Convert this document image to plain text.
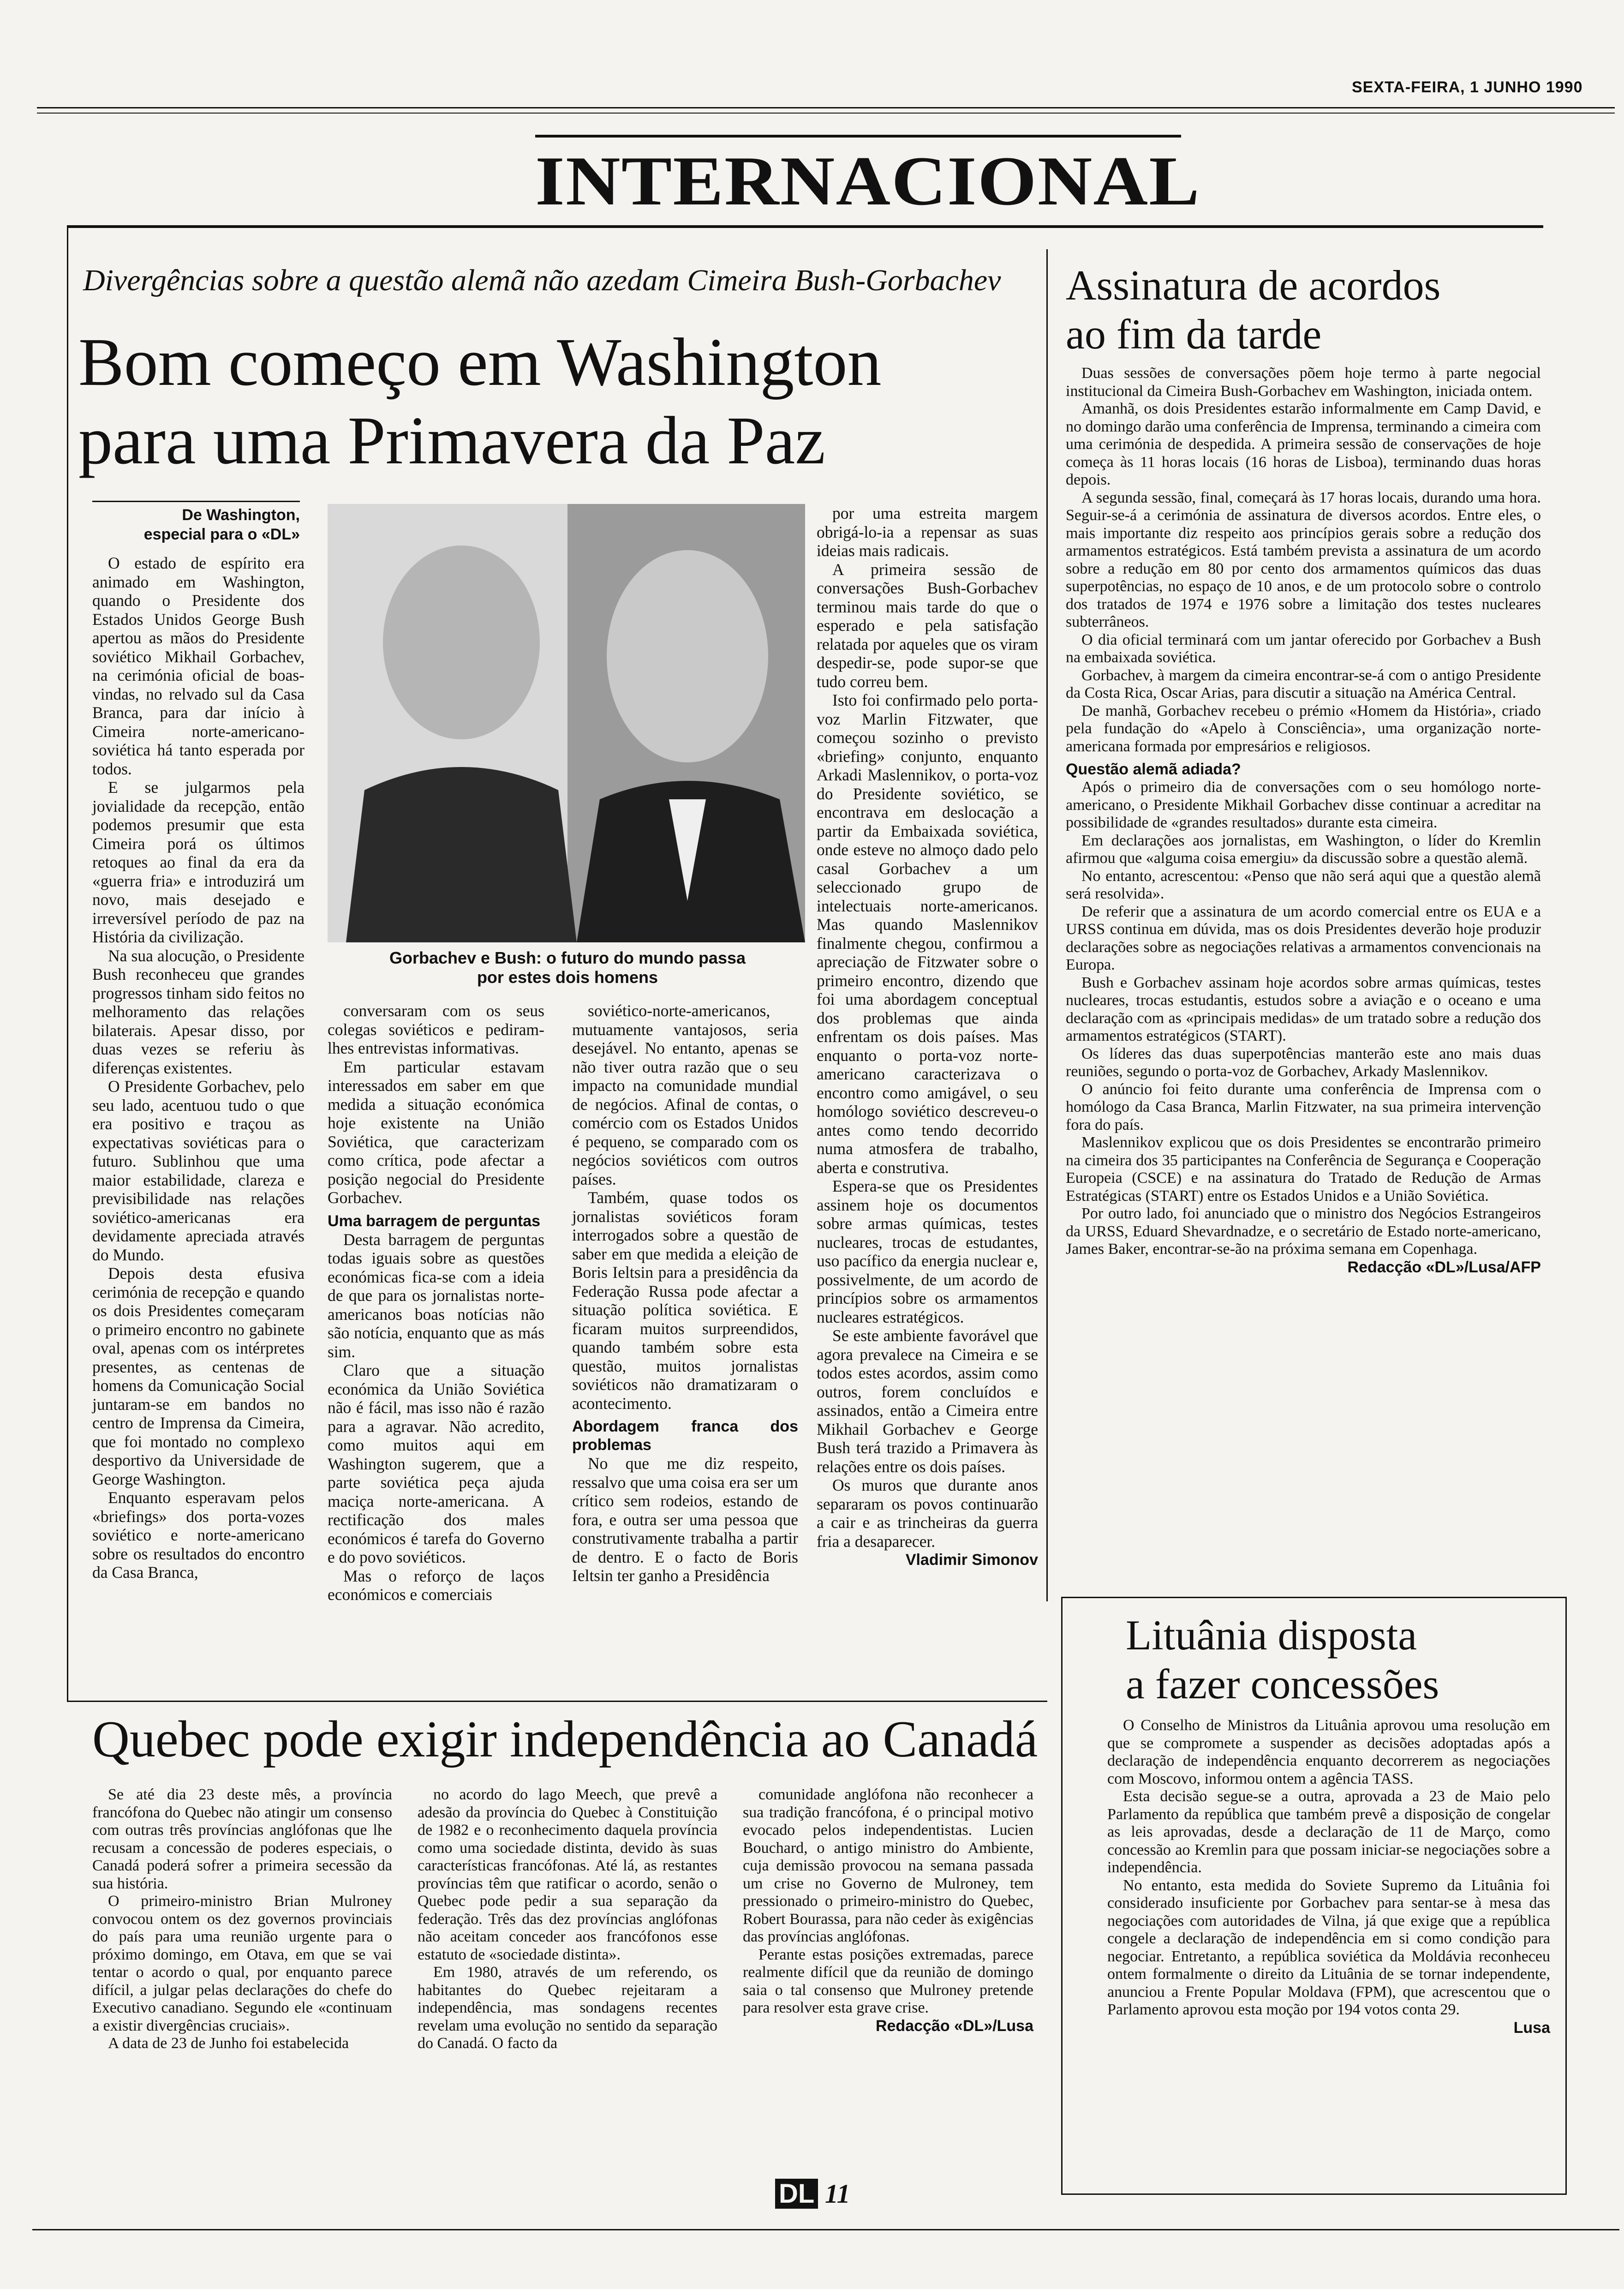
SEXTA-FEIRA, 1 JUNHO 1990
INTERNACIONAL
Divergências sobre a questão alemã não azedam Cimeira Bush-Gorbachev
Bom começo em Washington
para uma Primavera da Paz
De Washington,
especial para o «DL»
Gorbachev e Bush: o futuro do mundo passa
por estes dois homens

O estado de espírito era animado em Washington, quando o Presidente dos Estados Unidos George Bush apertou as mãos do Presidente soviético Mikhail Gorbachev, na cerimónia oficial de boas-vindas, no relvado sul da Casa Branca, para dar início à Cimeira norte-americano-soviética há tanto esperada por todos.

E se julgarmos pela jovialidade da recepção, então podemos presumir que esta Cimeira porá os últimos retoques ao final da era da «guerra fria» e introduzirá um novo, mais desejado e irreversível período de paz na História da civilização.

Na sua alocução, o Presidente Bush reconheceu que grandes progressos tinham sido feitos no melhoramento das relações bilaterais. Apesar disso, por duas vezes se referiu às diferenças existentes.

O Presidente Gorbachev, pelo seu lado, acentuou tudo o que era positivo e traçou as expectativas soviéticas para o futuro. Sublinhou que uma maior estabilidade, clareza e previsibilidade nas relações soviético-americanas era devidamente apreciada através do Mundo.

Depois desta efusiva cerimónia de recepção e quando os dois Presidentes começaram o primeiro encontro no gabinete oval, apenas com os intérpretes presentes, as centenas de homens da Comunicação Social juntaram-se em bandos no centro de Imprensa da Cimeira, que foi montado no complexo desportivo da Universidade de George Washington.

Enquanto esperavam pelos «briefings» dos porta-vozes soviético e norte-americano sobre os resultados do encontro da Casa Branca,

conversaram com os seus colegas soviéticos e pediram-lhes entrevistas informativas.

Em particular estavam interessados em saber em que medida a situação económica hoje existente na União Soviética, que caracterizam como crítica, pode afectar a posição negocial do Presidente Gorbachev.

Uma barragem de perguntas

Desta barragem de perguntas todas iguais sobre as questões económicas fica-se com a ideia de que para os jornalistas norte-americanos boas notícias não são notícia, enquanto que as más sim.

Claro que a situação económica da União Soviética não é fácil, mas isso não é razão para a agravar. Não acredito, como muitos aqui em Washington sugerem, que a parte soviética peça ajuda maciça norte-americana. A rectificação dos males económicos é tarefa do Governo e do povo soviéticos.

Mas o reforço de laços económicos e comerciais

soviético-norte-americanos, mutuamente vantajosos, seria desejável. No entanto, apenas se não tiver outra razão que o seu impacto na comunidade mundial de negócios. Afinal de contas, o comércio com os Estados Unidos é pequeno, se comparado com os negócios soviéticos com outros países.

Também, quase todos os jornalistas soviéticos foram interrogados sobre a questão de saber em que medida a eleição de Boris Ieltsin para a presidência da Federação Russa pode afectar a situação política soviética. E ficaram muitos surpreendidos, quando também sobre esta questão, muitos jornalistas soviéticos não dramatizaram o acontecimento.

Abordagem franca dos problemas

No que me diz respeito, ressalvo que uma coisa era ser um crítico sem rodeios, estando de fora, e outra ser uma pessoa que construtivamente trabalha a partir de dentro. E o facto de Boris Ieltsin ter ganho a Presidência

por uma estreita margem obrigá-lo-ia a repensar as suas ideias mais radicais.

A primeira sessão de conversações Bush-Gorbachev terminou mais tarde do que o esperado e pela satisfação relatada por aqueles que os viram despedir-se, pode supor-se que tudo correu bem.

Isto foi confirmado pelo porta-voz Marlin Fitzwater, que começou sozinho o previsto «briefing» conjunto, enquanto Arkadi Maslennikov, o porta-voz do Presidente soviético, se encontrava em deslocação a partir da Embaixada soviética, onde esteve no almoço dado pelo casal Gorbachev a um seleccionado grupo de intelectuais norte-americanos. Mas quando Maslennikov finalmente chegou, confirmou a apreciação de Fitzwater sobre o primeiro encontro, dizendo que foi uma abordagem conceptual dos problemas que ainda enfrentam os dois países. Mas enquanto o porta-voz norte-americano caracterizava o encontro como amigável, o seu homólogo soviético descreveu-o antes como tendo decorrido numa atmosfera de trabalho, aberta e construtiva.

Espera-se que os Presidentes assinem hoje os documentos sobre armas químicas, testes nucleares, trocas de estudantes, uso pacífico da energia nuclear e, possivelmente, de um acordo de princípios sobre os armamentos nucleares estratégicos.

Se este ambiente favorável que agora prevalece na Cimeira e se todos estes acordos, assim como outros, forem concluídos e assinados, então a Cimeira entre Mikhail Gorbachev e George Bush terá trazido a Primavera às relações entre os dois países.

Os muros que durante anos separaram os povos continuarão a cair e as trincheiras da guerra fria a desaparecer.

Vladimir Simonov
Assinatura de acordos
ao fim da tarde

Duas sessões de conversações põem hoje termo à parte negocial institucional da Cimeira Bush-Gorbachev em Washington, iniciada ontem.

Amanhã, os dois Presidentes estarão informalmente em Camp David, e no domingo darão uma conferência de Imprensa, terminando a cimeira com uma cerimónia de despedida. A primeira sessão de conservações de hoje começa às 11 horas locais (16 horas de Lisboa), terminando duas horas depois.

A segunda sessão, final, começará às 17 horas locais, durando uma hora. Seguir-se-á a cerimónia de assinatura de diversos acordos. Entre eles, o mais importante diz respeito aos princípios gerais sobre a redução dos armamentos estratégicos. Está também prevista a assinatura de um acordo sobre a redução em 80 por cento dos armamentos químicos das duas superpotências, no espaço de 10 anos, e de um protocolo sobre o controlo dos tratados de 1974 e 1976 sobre a limitação dos testes nucleares subterrâneos.

O dia oficial terminará com um jantar oferecido por Gorbachev a Bush na embaixada soviética.

Gorbachev, à margem da cimeira encontrar-se-á com o antigo Presidente da Costa Rica, Oscar Arias, para discutir a situação na América Central.

De manhã, Gorbachev recebeu o prémio «Homem da História», criado pela fundação do «Apelo à Consciência», uma organização norte-americana formada por empresários e religiosos.

Questão alemã adiada?

Após o primeiro dia de conversações com o seu homólogo norte-americano, o Presidente Mikhail Gorbachev disse continuar a acreditar na possibilidade de «grandes resultados» durante esta cimeira.

Em declarações aos jornalistas, em Washington, o líder do Kremlin afirmou que «alguma coisa emergiu» da discussão sobre a questão alemã.

No entanto, acrescentou: «Penso que não será aqui que a questão alemã será resolvida».

De referir que a assinatura de um acordo comercial entre os EUA e a URSS continua em dúvida, mas os dois Presidentes deverão hoje produzir declarações sobre as negociações relativas a armamentos convencionais na Europa.

Bush e Gorbachev assinam hoje acordos sobre armas químicas, testes nucleares, trocas estudantis, estudos sobre a aviação e o oceano e uma declaração com as «principais medidas» de um tratado sobre a redução dos armamentos estratégicos (START).

Os líderes das duas superpotências manterão este ano mais duas reuniões, segundo o porta-voz de Gorbachev, Arkady Maslennikov.

O anúncio foi feito durante uma conferência de Imprensa com o homólogo da Casa Branca, Marlin Fitzwater, na sua primeira intervenção fora do país.

Maslennikov explicou que os dois Presidentes se encontrarão primeiro na cimeira dos 35 participantes na Conferência de Segurança e Cooperação Europeia (CSCE) e na assinatura do Tratado de Redução de Armas Estratégicas (START) entre os Estados Unidos e a União Soviética.

Por outro lado, foi anunciado que o ministro dos Negócios Estrangeiros da URSS, Eduard Shevardnadze, e o secretário de Estado norte-americano, James Baker, encontrar-se-ão na próxima semana em Copenhaga.

Redacção «DL»/Lusa/AFP
Lituânia disposta
a fazer concessões

O Conselho de Ministros da Lituânia aprovou uma resolução em que se compromete a suspender as decisões adoptadas após a declaração de independência enquanto decorrerem as negociações com Moscovo, informou ontem a agência TASS.

Esta decisão segue-se a outra, aprovada a 23 de Maio pelo Parlamento da república que também prevê a disposição de congelar as leis aprovadas, desde a declaração de 11 de Março, como concessão ao Kremlin para que possam iniciar-se negociações sobre a independência.

No entanto, esta medida do Soviete Supremo da Lituânia foi considerado insuficiente por Gorbachev para sentar-se à mesa das negociações com autoridades de Vilna, já que exige que a república congele a declaração de independência em si como condição para negociar. Entretanto, a república soviética da Moldávia reconheceu ontem formalmente o direito da Lituânia de se tornar independente, anunciou a Frente Popular Moldava (FPM), que acrescentou que o Parlamento aprovou esta moção por 194 votos conta 29.

Lusa
Quebec pode exigir independência ao Canadá

Se até dia 23 deste mês, a província francófona do Quebec não atingir um consenso com outras três províncias anglófonas que lhe recusam a concessão de poderes especiais, o Canadá poderá sofrer a primeira secessão da sua história.

O primeiro-ministro Brian Mulroney convocou ontem os dez governos provinciais do país para uma reunião urgente para o próximo domingo, em Otava, em que se vai tentar o acordo o qual, por enquanto parece difícil, a julgar pelas declarações do chefe do Executivo canadiano. Segundo ele «continuam a existir divergências cruciais».

A data de 23 de Junho foi estabelecida

no acordo do lago Meech, que prevê a adesão da província do Quebec à Constituição de 1982 e o reconhecimento daquela província como uma sociedade distinta, devido às suas características francófonas. Até lá, as restantes províncias têm que ratificar o acordo, senão o Quebec pode pedir a sua separação da federação. Três das dez províncias anglófonas não aceitam conceder aos francófonos esse estatuto de «sociedade distinta».

Em 1980, através de um referendo, os habitantes do Quebec rejeitaram a independência, mas sondagens recentes revelam uma evolução no sentido da separação do Canadá. O facto da

comunidade anglófona não reconhecer a sua tradição francófona, é o principal motivo evocado pelos independentistas. Lucien Bouchard, o antigo ministro do Ambiente, cuja demissão provocou na semana passada um crise no Governo de Mulroney, tem pressionado o primeiro-ministro do Quebec, Robert Bourassa, para não ceder às exigências das províncias anglófonas.

Perante estas posições extremadas, parece realmente difícil que da reunião de domingo saia o tal consenso que Mulroney pretende para resolver esta grave crise.

Redacção «DL»/Lusa
DL 11
